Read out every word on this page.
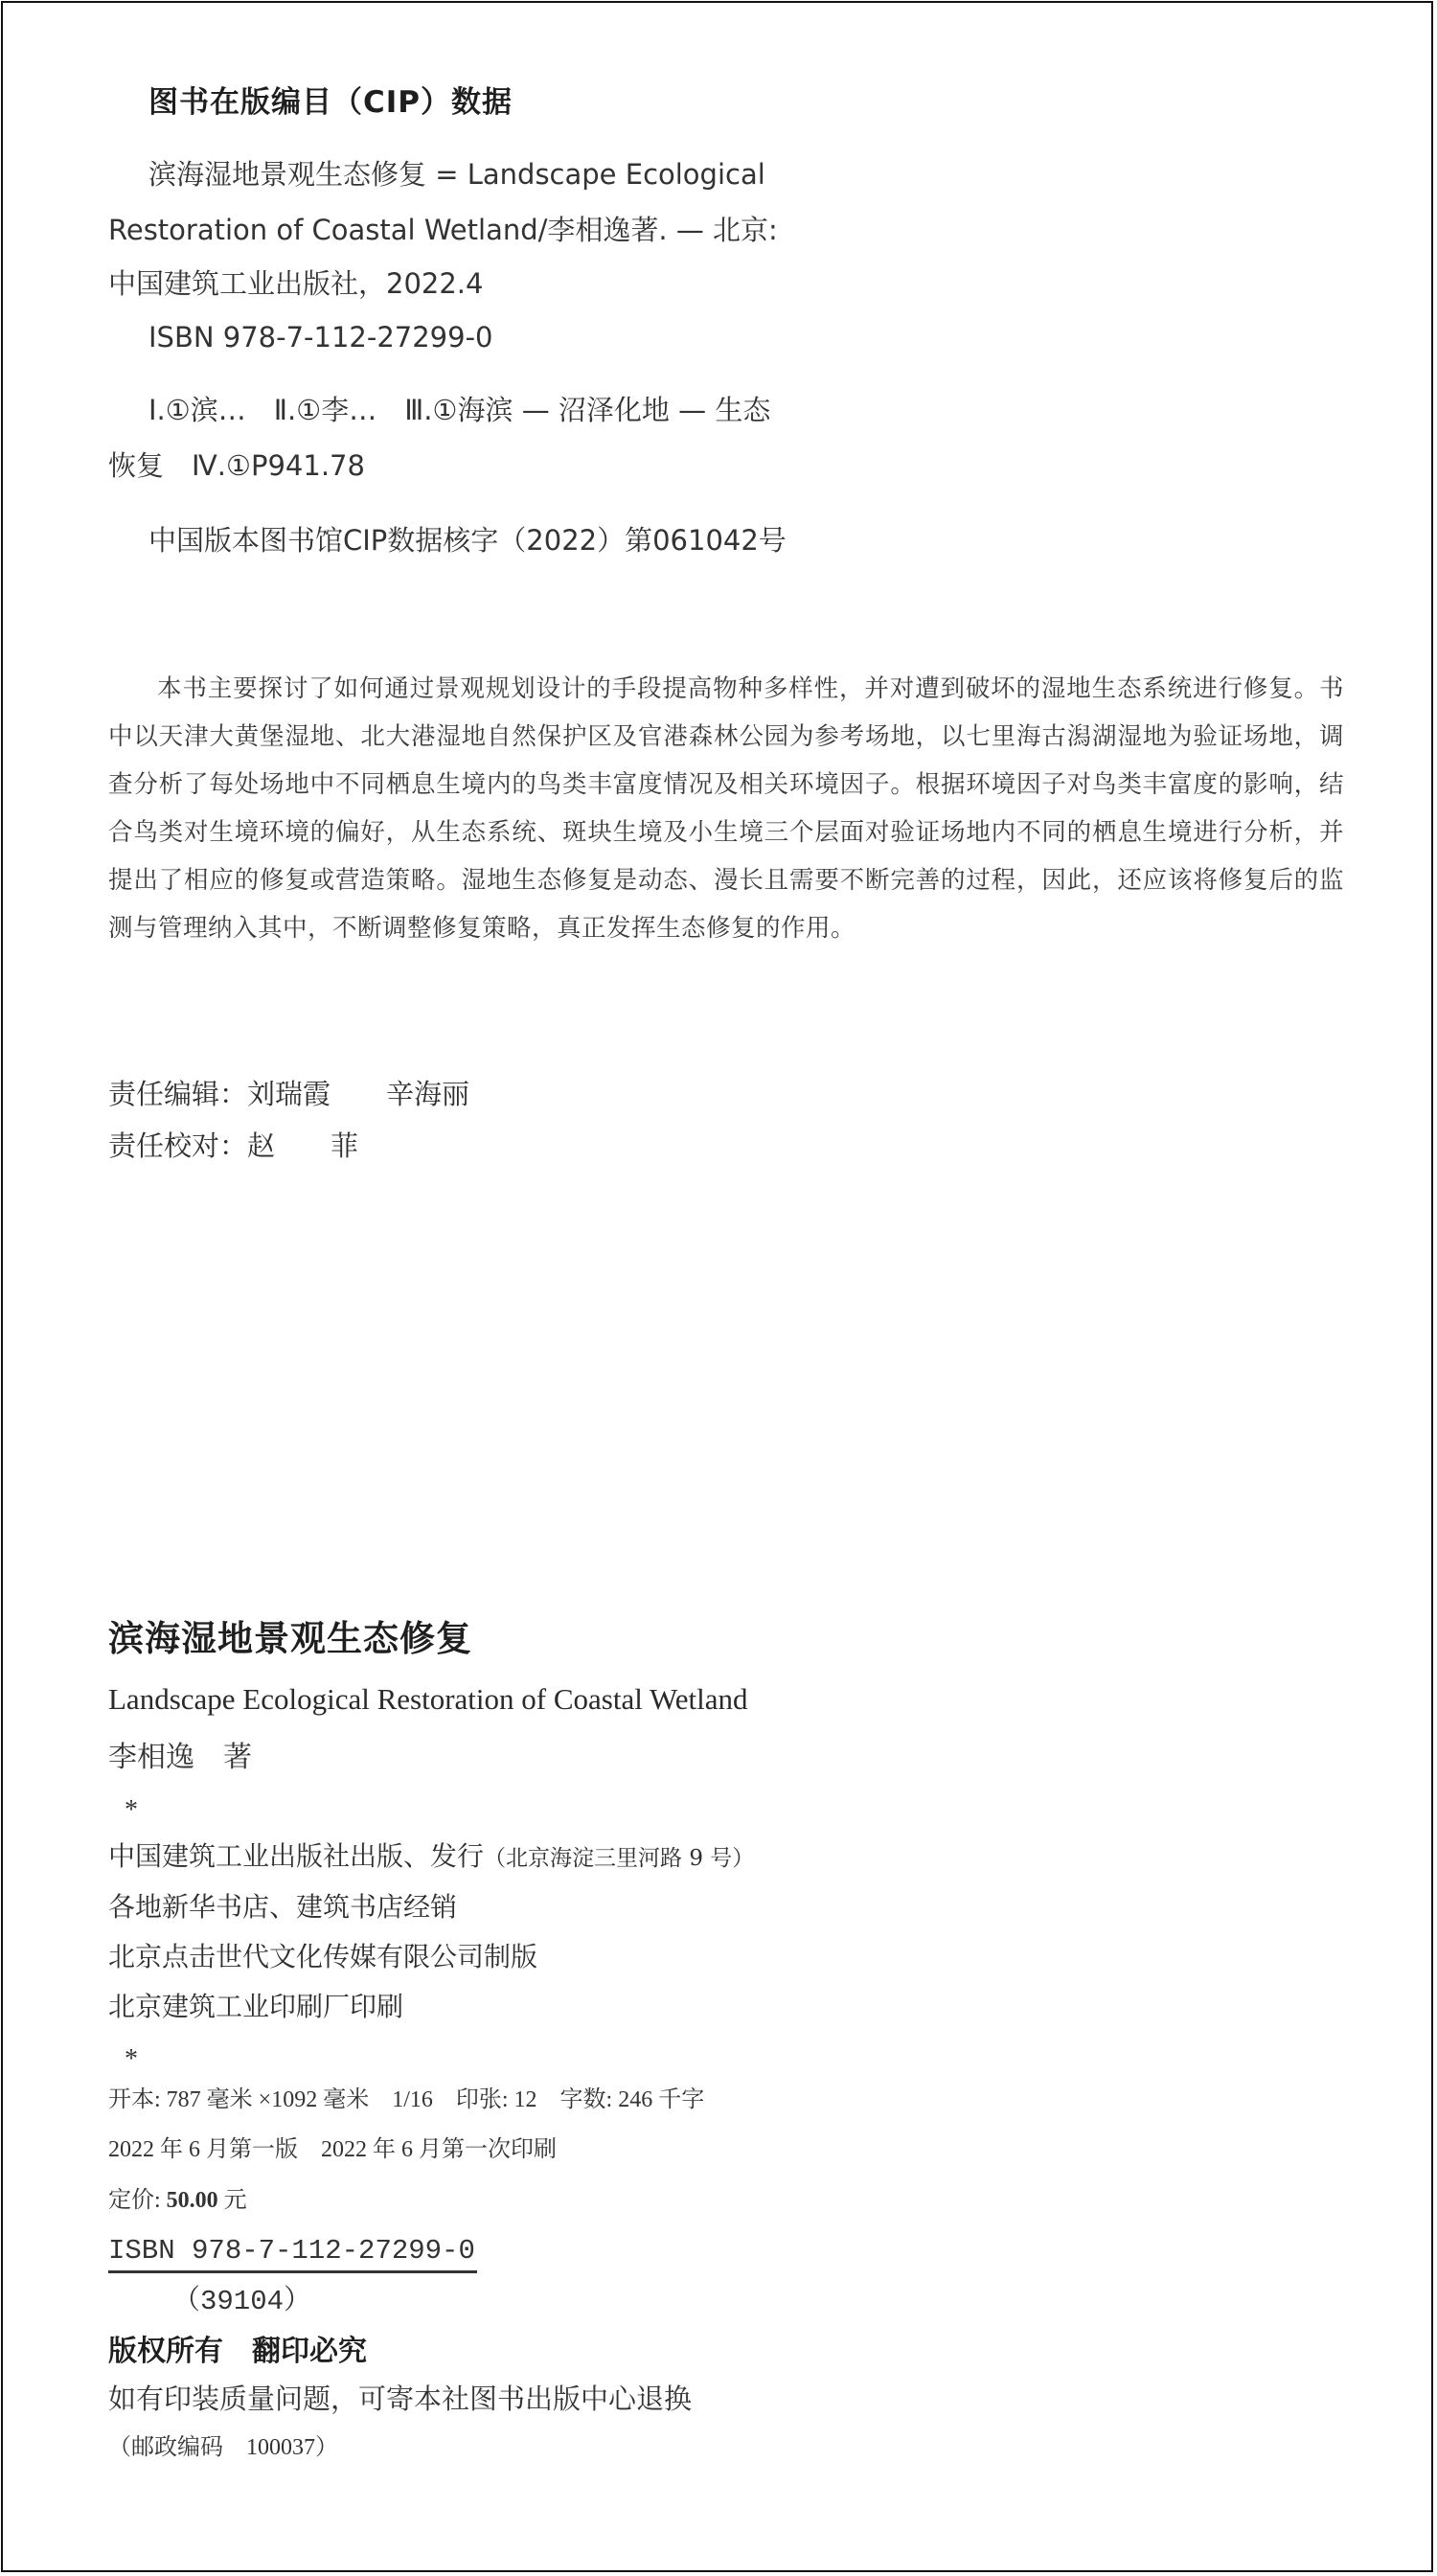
图书在版编目（CIP）数据
滨海湿地景观生态修复 = Landscape Ecological
Restoration of Coastal Wetland/李相逸著. — 北京:
中国建筑工业出版社，2022.4
ISBN 978-7-112-27299-0
Ⅰ.①滨…　Ⅱ.①李…　Ⅲ.①海滨 — 沼泽化地 — 生态
恢复　Ⅳ.①P941.78
中国版本图书馆CIP数据核字（2022）第061042号

本书主要探讨了如何通过景观规划设计的手段提高物种多样性，并对遭到破坏的湿地生态系统进行修复。书中以天津大黄堡湿地、北大港湿地自然保护区及官港森林公园为参考场地，以七里海古潟湖湿地为验证场地，调查分析了每处场地中不同栖息生境内的鸟类丰富度情况及相关环境因子。根据环境因子对鸟类丰富度的影响，结合鸟类对生境环境的偏好，从生态系统、斑块生境及小生境三个层面对验证场地内不同的栖息生境进行分析，并提出了相应的修复或营造策略。湿地生态修复是动态、漫长且需要不断完善的过程，因此，还应该将修复后的监测与管理纳入其中，不断调整修复策略，真正发挥生态修复的作用。

责任编辑：刘瑞霞　　辛海丽
责任校对：赵　　菲
滨海湿地景观生态修复
Landscape Ecological Restoration of Coastal Wetland
李相逸　著
*
中国建筑工业出版社出版、发行（北京海淀三里河路 9 号）
各地新华书店、建筑书店经销
北京点击世代文化传媒有限公司制版
北京建筑工业印刷厂印刷
*
开本: 787 毫米 ×1092 毫米　1/16　印张: 12　字数: 246 千字
2022 年 6 月第一版　2022 年 6 月第一次印刷
定价: 50.00 元
ISBN 978-7-112-27299-0
（39104）
版权所有　翻印必究
如有印装质量问题，可寄本社图书出版中心退换
（邮政编码　100037）
